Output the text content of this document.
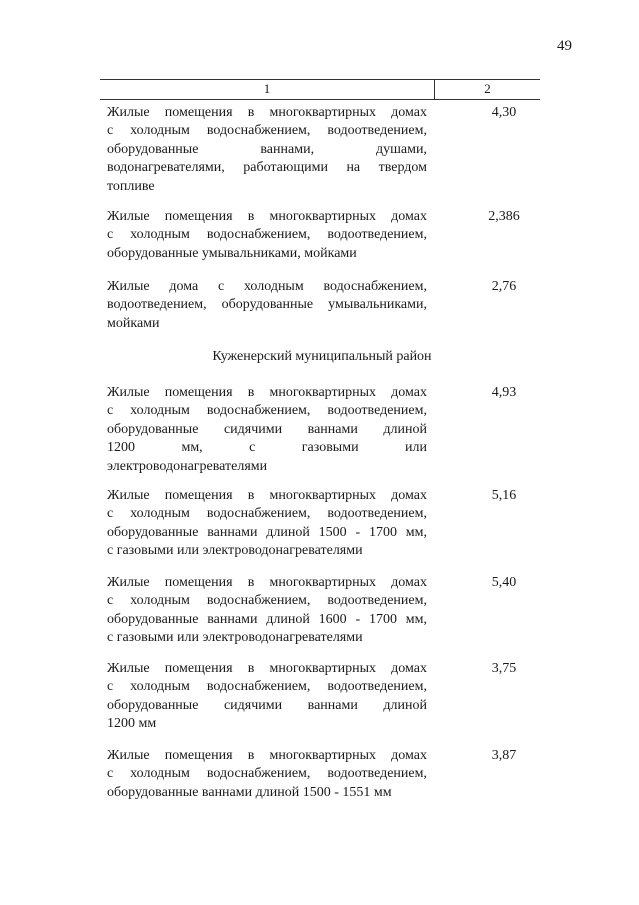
49
1	2
Жилые помещения в многоквартирных домах
с холодным водоснабжением, водоотведением,
оборудованные ваннами, душами,
водонагревателями, работающими на твердом
топливе
4,30
Жилые помещения в многоквартирных домах
с холодным водоснабжением, водоотведением,
оборудованные умывальниками, мойками
2,386
Жилые дома с холодным водоснабжением,
водоотведением, оборудованные умывальниками,
мойками
2,76
Куженерский муниципальный район
Жилые помещения в многоквартирных домах
с холодным водоснабжением, водоотведением,
оборудованные сидячими ваннами длиной
1200 мм, с газовыми или
электроводонагревателями
4,93
Жилые помещения в многоквартирных домах
с холодным водоснабжением, водоотведением,
оборудованные ваннами длиной 1500 - 1700 мм,
с газовыми или электроводонагревателями
5,16
Жилые помещения в многоквартирных домах
с холодным водоснабжением, водоотведением,
оборудованные ваннами длиной 1600 - 1700 мм,
с газовыми или электроводонагревателями
5,40
Жилые помещения в многоквартирных домах
с холодным водоснабжением, водоотведением,
оборудованные сидячими ваннами длиной
1200 мм
3,75
Жилые помещения в многоквартирных домах
с холодным водоснабжением, водоотведением,
оборудованные ваннами длиной 1500 - 1551 мм
3,87
